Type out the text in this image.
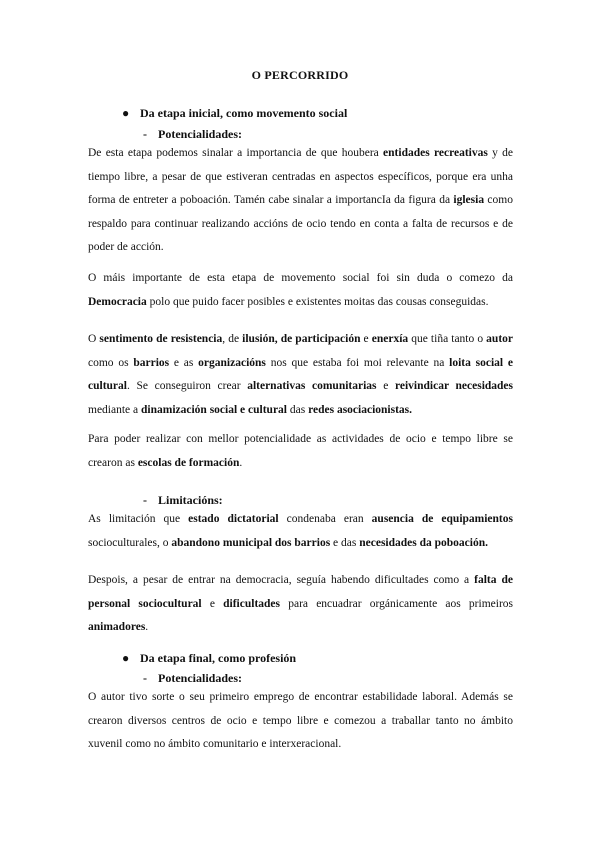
O PERCORRIDO
● Da etapa inicial, como movemento social
- Potencialidades:
De esta etapa podemos sinalar a importancia de que houbera entidades recreativas y de tiempo libre, a pesar de que estiveran centradas en aspectos específicos, porque era unha forma de entreter a poboación. Tamén cabe sinalar a importancIa da figura da iglesia como respaldo para continuar realizando accións de ocio tendo en conta a falta de recursos e de poder de acción.
O máis importante de esta etapa de movemento social foi sin duda o comezo da Democracia polo que puido facer posibles e existentes moitas das cousas conseguidas.
O sentimento de resistencia, de ilusión, de participación e enerxía que tiña tanto o autor como os barrios e as organizacións nos que estaba foi moi relevante na loita social e cultural. Se conseguiron crear alternativas comunitarias e reivindicar necesidades mediante a dinamización social e cultural das redes asociacionistas.
Para poder realizar con mellor potencialidade as actividades de ocio e tempo libre se crearon as escolas de formación.
- Limitacións:
As limitación que estado dictatorial condenaba eran ausencia de equipamientos socioculturales, o abandono municipal dos barrios e das necesidades da poboación.
Despois, a pesar de entrar na democracia, seguía habendo dificultades como a falta de personal sociocultural e dificultades para encuadrar orgánicamente aos primeiros animadores.
● Da etapa final, como profesión
- Potencialidades:
O autor tivo sorte o seu primeiro emprego de encontrar estabilidade laboral. Además se crearon diversos centros de ocio e tempo libre e comezou a traballar tanto no ámbito xuvenil como no ámbito comunitario e interxeracional.
